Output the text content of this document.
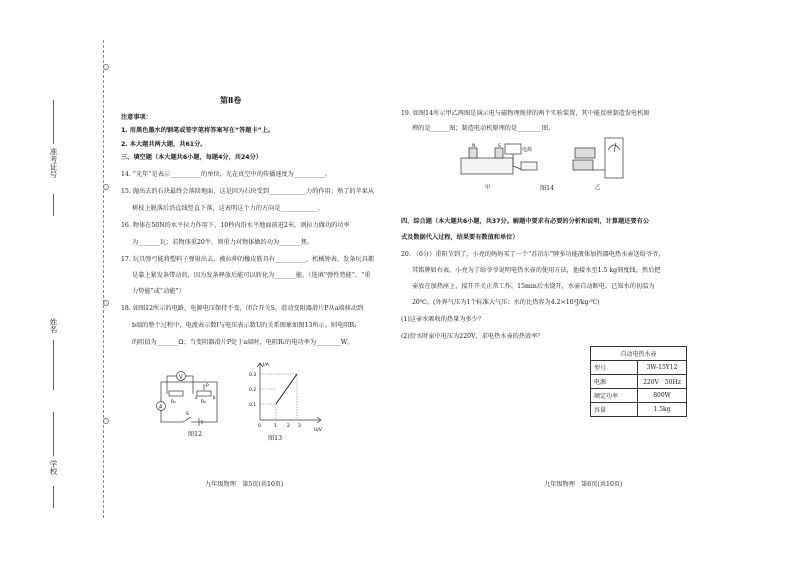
准考证号
姓名
学校
第Ⅱ卷
注意事项：
1. 用黑色墨水的钢笔或签字笔将答案写在“答题卡”上。
2. 本大题共两大题，共61分。
三、填空题（本大题共6小题，每题4分，共24分）
14. “光年”是表示__________的单位，光在真空中的传播速度为__________。
15. 抛出去的石块最终会落回地面，这是因为石块受到____________力的作用；熟了的苹果从
树枝上脱落后沿直线竖直下落，这表明这个力的方向是____________。
16. 物体在50N的水平拉力作用下，10秒内沿水平地面前进2米，则拉力做功的功率
为_______瓦；若物体重20牛，则重力对物体做的功为_______焦。
17. 玩具弹弓能将塑料子弹射出去，被拉伸的橡皮筋具有__________，机械钟表、发条玩具都
是靠上紧发条带动的，因为发条释放后能可以转化为_______能。（选填“弹性势能”、“重
力势能”或“动能”）
18. 如图12所示的电路，电源电压保持不变，闭合开关S，滑动变阻器滑片P从a端移动到
b端的整个过程中，电流表示数I与电压表示数U的关系图象如图13所示。则电阻R₁
的阻值为_______Ω；当变阻器滑片P处于a端时，电阻R₁的电功率为________W。
V
A
R₁	R₂
P
a	b
S
图12
I/A
U/V
0.3
0.2
0.1
0	1 2 3
图13
九年级物理　第5页(共10页)
19. 如图14所示甲乙两图是演示电与磁物理规律的两个实验装置，其中能反映制造发电机原
理的是______图；制造电动机原理的是________图。
N	S
电源
甲	乙
图14
四、综合题（本大题共6小题，共37分。解题中要求有必要的分析和说明，计算题还要有公
式及数据代入过程，结果要有数值和单位）
20. （6分）重阳节到了，小亮的妈妈买了一个“苏泊尔”牌多功能液体加热器电热水壶送给爷爷，
其铭牌如右表。小亮为了给爷爷说明电热水壶的使用方法，他接水至1.5 kg刻度线，然后把
壶放在加热座上，接开开关正常工作，15min后水烧开，水壶自动断电。已知水的初温为
20℃。(外界气压为1个标准大气压；水的比热容为4.2×10³J/kg·℃)
(1)这壶水吸收的热量为多少？
(2)傍水时家中电压为220V，求电热水壶的热效率？
自动电热水壶	
型号	3W-15Y12
电源	220V　50Hz
额定功率	800W
容量	1.5kg
九年级物理　第6页(共10页)
